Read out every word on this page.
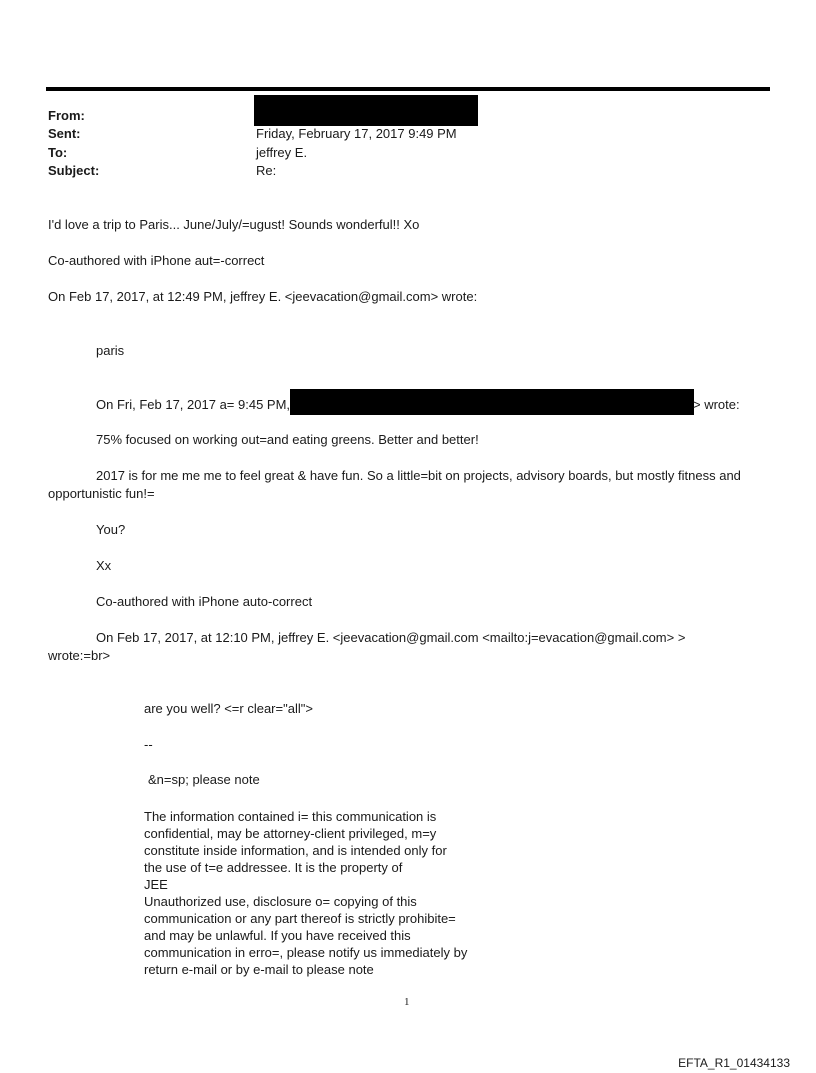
From:
Sent:	Friday, February 17, 2017 9:49 PM
To:	jeffrey E.
Subject:	Re:
I'd love a trip to Paris... June/July/=ugust! Sounds wonderful!! Xo
Co-authored with iPhone aut=-correct
On Feb 17, 2017, at 12:49 PM, jeffrey E. <jeevacation@gmail.com> wrote:
paris
On Fri, Feb 17, 2017 a= 9:45 PM,	> wrote:
75% focused on working out=and eating greens. Better and better!
2017 is for me me me to feel great & have fun. So a little=bit on projects, advisory boards, but mostly fitness and
opportunistic fun!=
You?
Xx
Co-authored with iPhone auto-correct
On Feb 17, 2017, at 12:10 PM, jeffrey E. <jeevacation@gmail.com <mailto:j=evacation@gmail.com> >
wrote:=br>
are you well? <=r clear="all">
--
&n=sp; please note
The information contained i= this communication is
confidential, may be attorney-client privileged, m=y
constitute inside information, and is intended only for
the use of t=e addressee. It is the property of
JEE
Unauthorized use, disclosure o= copying of this
communication or any part thereof is strictly prohibite=
and may be unlawful. If you have received this
communication in erro=, please notify us immediately by
return e-mail or by e-mail to please note
1
EFTA_R1_01434133
